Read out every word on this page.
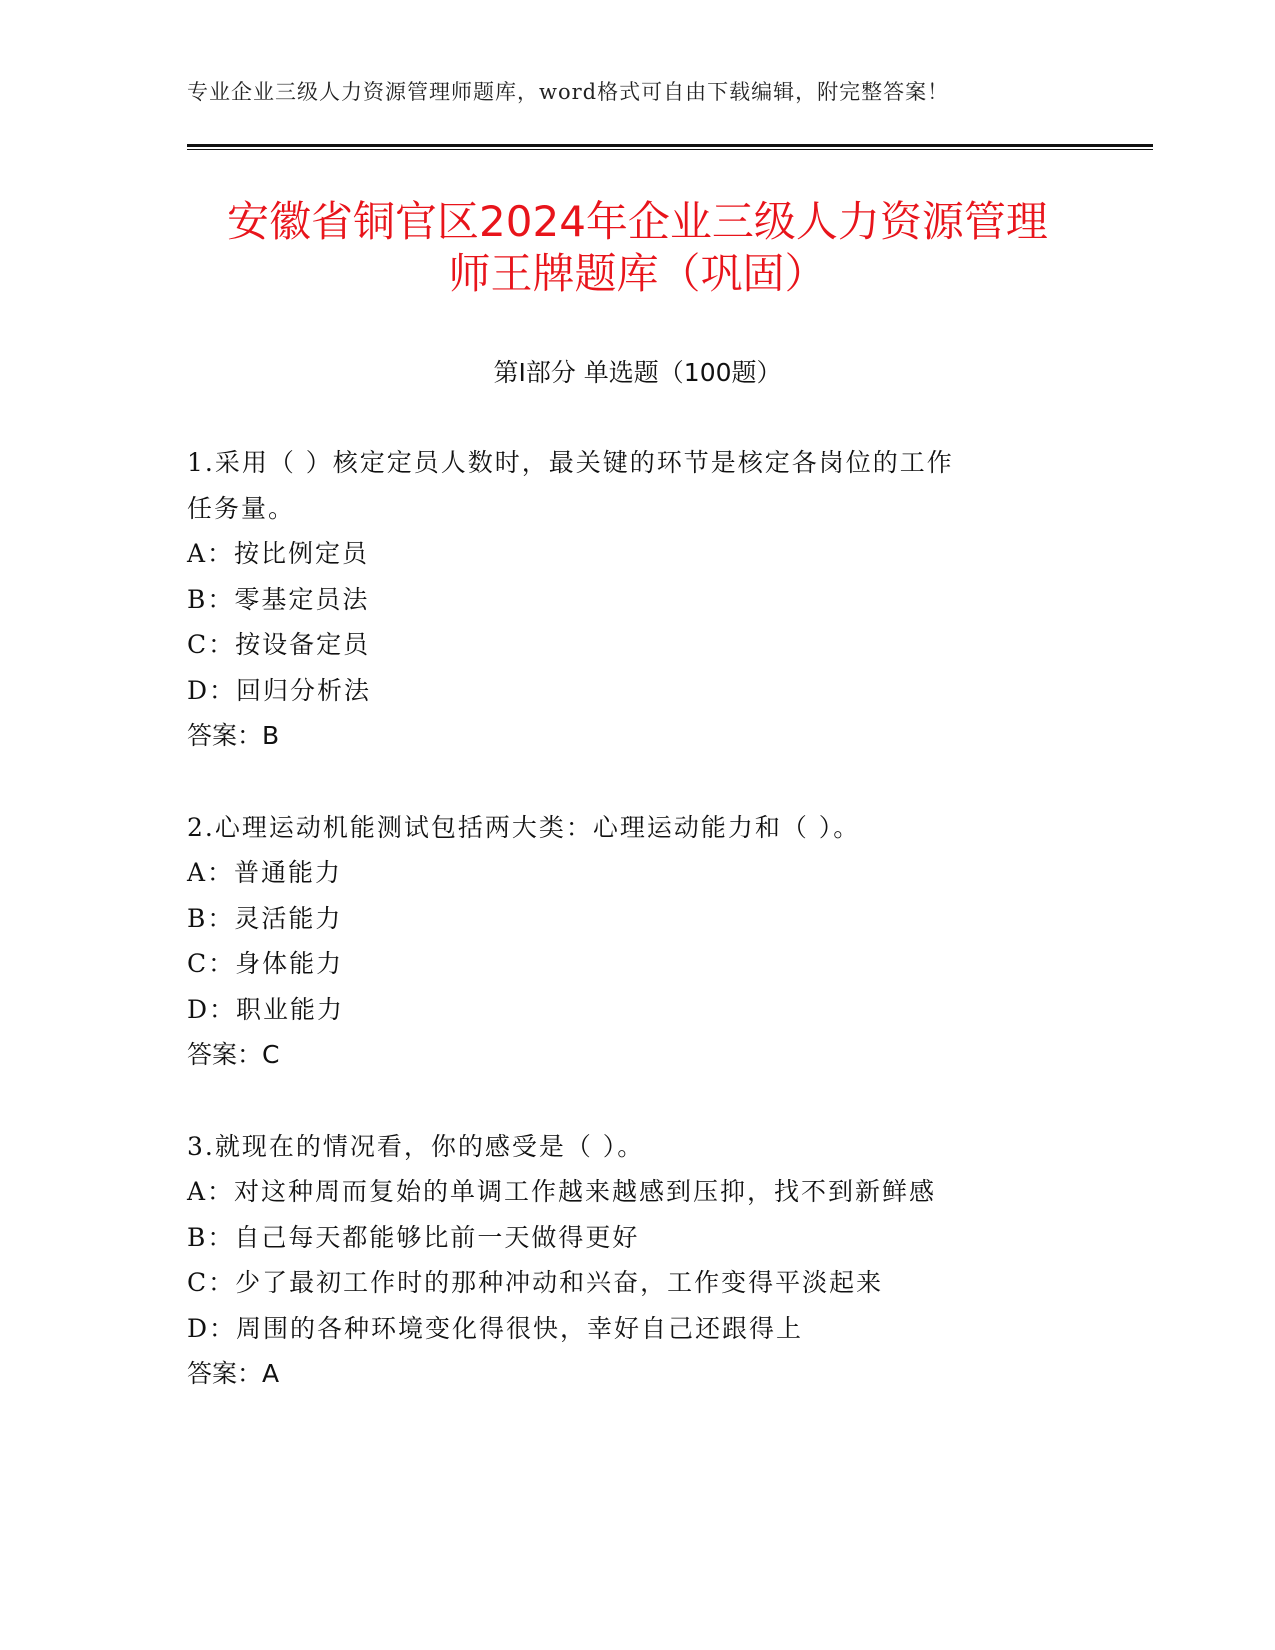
专业企业三级人力资源管理师题库，word格式可自由下载编辑，附完整答案！
安徽省铜官区2024年企业三级人力资源管理
师王牌题库（巩固）
第Ⅰ部分 单选题（100题）
1.采用（ ）核定定员人数时，最关键的环节是核定各岗位的工作
任务量。
A：按比例定员
B：零基定员法
C：按设备定员
D：回归分析法
答案：B
2.心理运动机能测试包括两大类：心理运动能力和（ ）。
A：普通能力
B：灵活能力
C：身体能力
D：职业能力
答案：C
3.就现在的情况看，你的感受是（ ）。
A：对这种周而复始的单调工作越来越感到压抑，找不到新鲜感
B：自己每天都能够比前一天做得更好
C：少了最初工作时的那种冲动和兴奋，工作变得平淡起来
D：周围的各种环境变化得很快，幸好自己还跟得上
答案：A
